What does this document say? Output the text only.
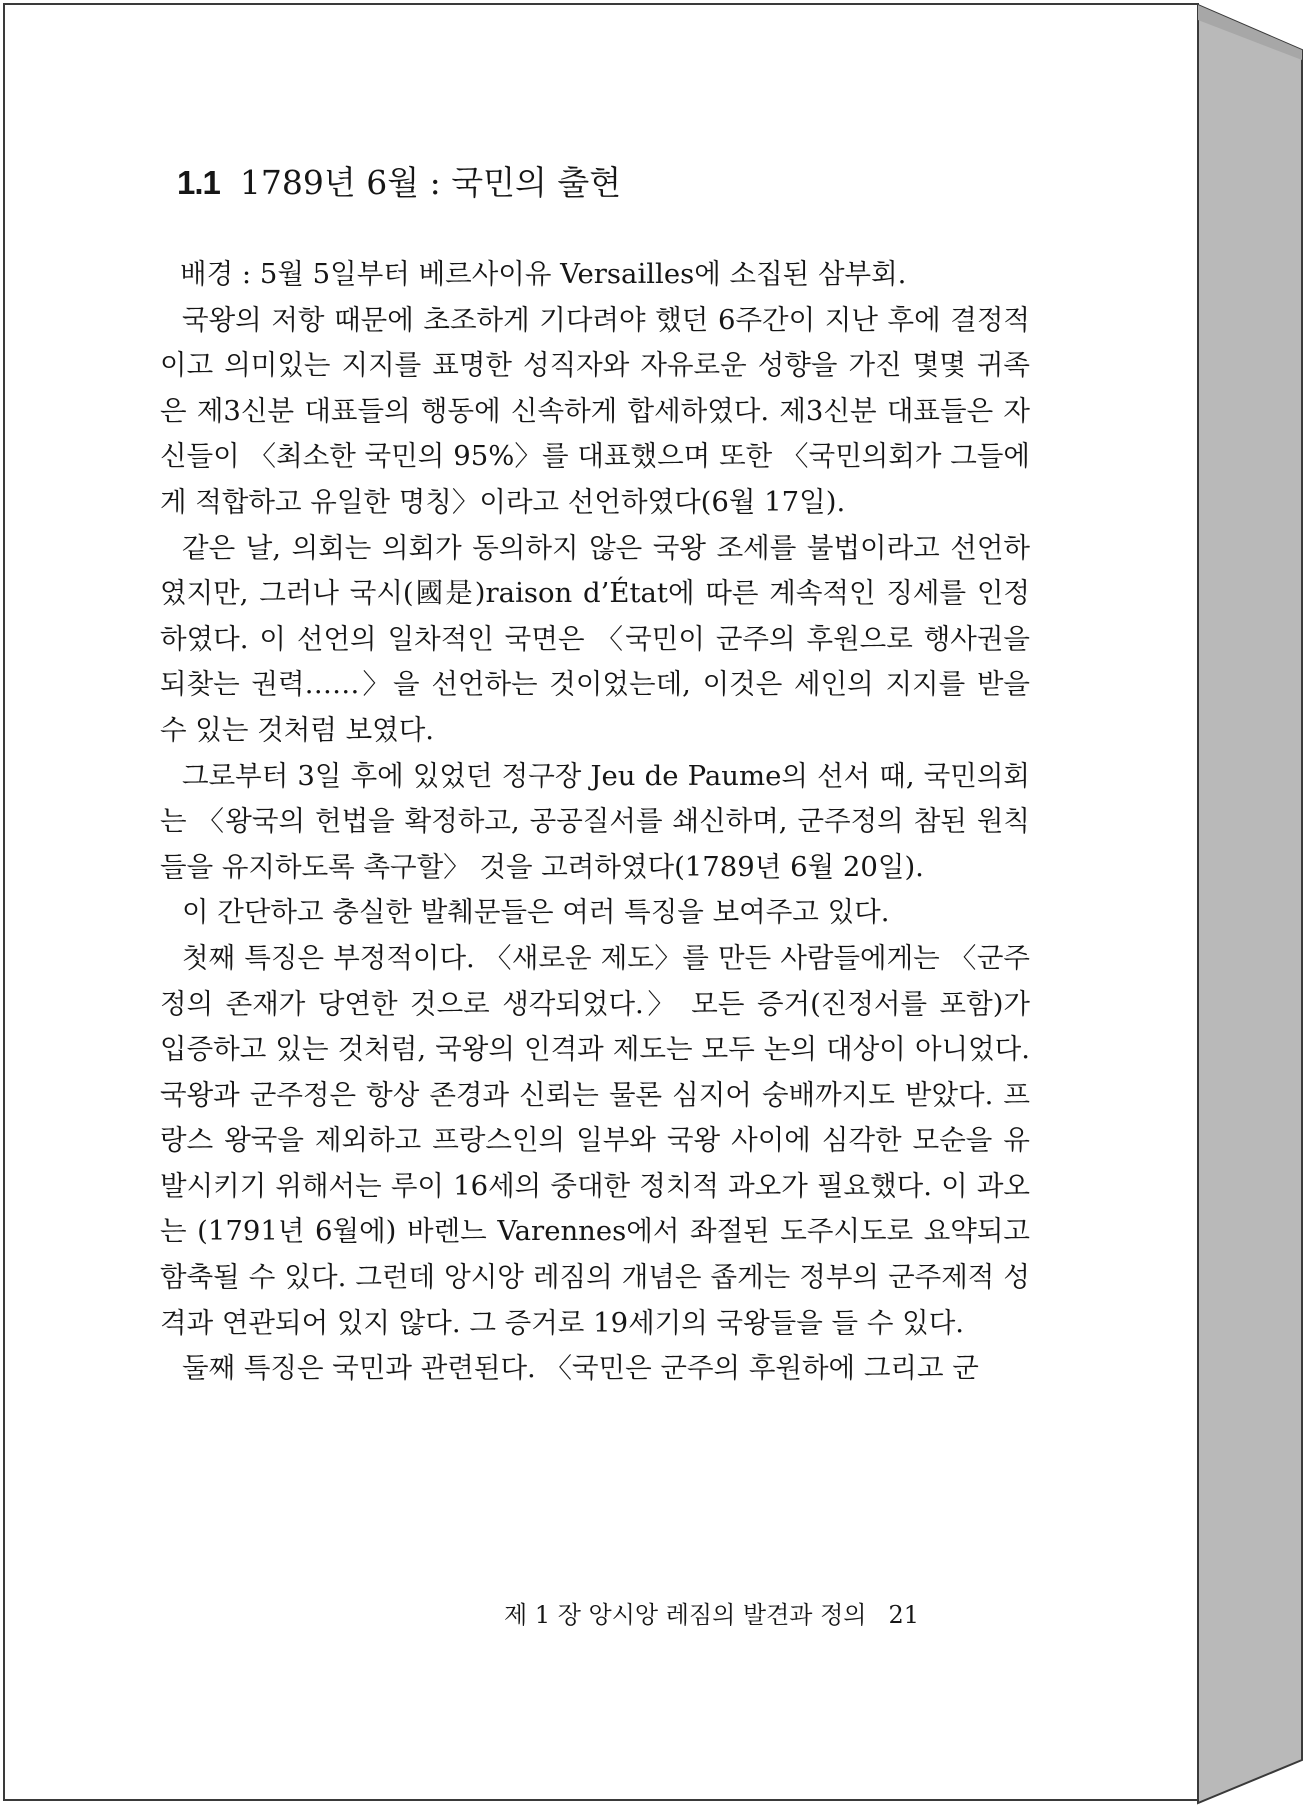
1.1 1789년 6월 : 국민의 출현

배경 : 5월 5일부터 베르사이유 Versailles에 소집된 삼부회.

국왕의 저항 때문에 초조하게 기다려야 했던 6주간이 지난 후에 결정적이고 의미있는 지지를 표명한 성직자와 자유로운 성향을 가진 몇몇 귀족은 제3신분 대표들의 행동에 신속하게 합세하였다. 제3신분 대표들은 자신들이 〈최소한 국민의 95%〉를 대표했으며 또한 〈국민의회가 그들에게 적합하고 유일한 명칭〉이라고 선언하였다(6월 17일).

같은 날, 의회는 의회가 동의하지 않은 국왕 조세를 불법이라고 선언하였지만, 그러나 국시(國是)raison d’État에 따른 계속적인 징세를 인정하였다. 이 선언의 일차적인 국면은 〈국민이 군주의 후원으로 행사권을 되찾는 권력……〉을 선언하는 것이었는데, 이것은 세인의 지지를 받을 수 있는 것처럼 보였다.

그로부터 3일 후에 있었던 정구장 Jeu de Paume의 선서 때, 국민의회는 〈왕국의 헌법을 확정하고, 공공질서를 쇄신하며, 군주정의 참된 원칙들을 유지하도록 촉구할〉 것을 고려하였다(1789년 6월 20일).

이 간단하고 충실한 발췌문들은 여러 특징을 보여주고 있다.

첫째 특징은 부정적이다. 〈새로운 제도〉를 만든 사람들에게는 〈군주정의 존재가 당연한 것으로 생각되었다.〉 모든 증거(진정서를 포함)가 입증하고 있는 것처럼, 국왕의 인격과 제도는 모두 논의 대상이 아니었다. 국왕과 군주정은 항상 존경과 신뢰는 물론 심지어 숭배까지도 받았다. 프랑스 왕국을 제외하고 프랑스인의 일부와 국왕 사이에 심각한 모순을 유발시키기 위해서는 루이 16세의 중대한 정치적 과오가 필요했다. 이 과오는 (1791년 6월에) 바렌느 Varennes에서 좌절된 도주시도로 요약되고 함축될 수 있다. 그런데 앙시앙 레짐의 개념은 좁게는 정부의 군주제적 성격과 연관되어 있지 않다. 그 증거로 19세기의 국왕들을 들 수 있다.

둘째 특징은 국민과 관련된다. 〈국민은 군주의 후원하에 그리고 군

제 1 장 앙시앙 레짐의 발견과 정의 21
